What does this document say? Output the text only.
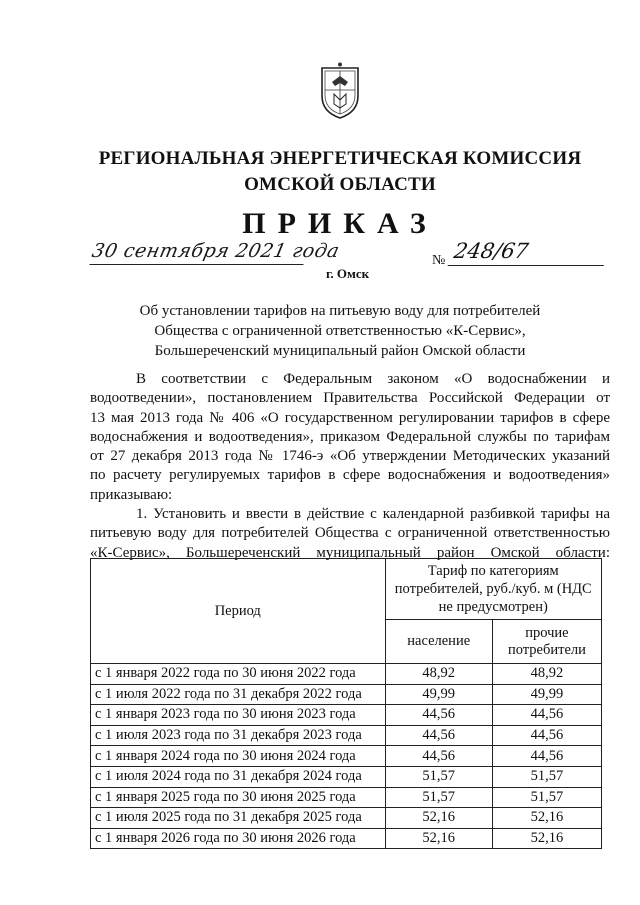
РЕГИОНАЛЬНАЯ ЭНЕРГЕТИЧЕСКАЯ КОМИССИЯ
ОМСКОЙ ОБЛАСТИ
ПРИКАЗ
30 сентября 2021 года
г. Омск
№ 248/67
Об установлении тарифов на питьевую воду для потребителей
Общества с ограниченной ответственностью «К-Сервис»,
Большереченский муниципальный район Омской области

В соответствии с Федеральным законом «О водоснабжении и
водоотведении», постановлением Правительства Российской Федерации от
13 мая 2013 года № 406 «О государственном регулировании тарифов в сфере
водоснабжения и водоотведения», приказом Федеральной службы по тарифам
от 27 декабря 2013 года № 1746-э «Об утверждении Методических указаний
по расчету регулируемых тарифов в сфере водоснабжения и водоотведения»
приказываю:

1. Установить и ввести в действие с календарной разбивкой тарифы на
питьевую воду для потребителей Общества с ограниченной ответственностью
«К-Сервис», Большереченский муниципальный район Омской области:

Период	Тариф по категориям потребителей, руб./куб. м (НДС не предусмотрен)	
	население	прочие потребители
с 1 января 2022 года по 30 июня 2022 года	48,92	48,92
с 1 июля 2022 года по 31 декабря 2022 года	49,99	49,99
с 1 января 2023 года по 30 июня 2023 года	44,56	44,56
с 1 июля 2023 года по 31 декабря 2023 года	44,56	44,56
с 1 января 2024 года по 30 июня 2024 года	44,56	44,56
с 1 июля 2024 года по 31 декабря 2024 года	51,57	51,57
с 1 января 2025 года по 30 июня 2025 года	51,57	51,57
с 1 июля 2025 года по 31 декабря 2025 года	52,16	52,16
с 1 января 2026 года по 30 июня 2026 года	52,16	52,16
